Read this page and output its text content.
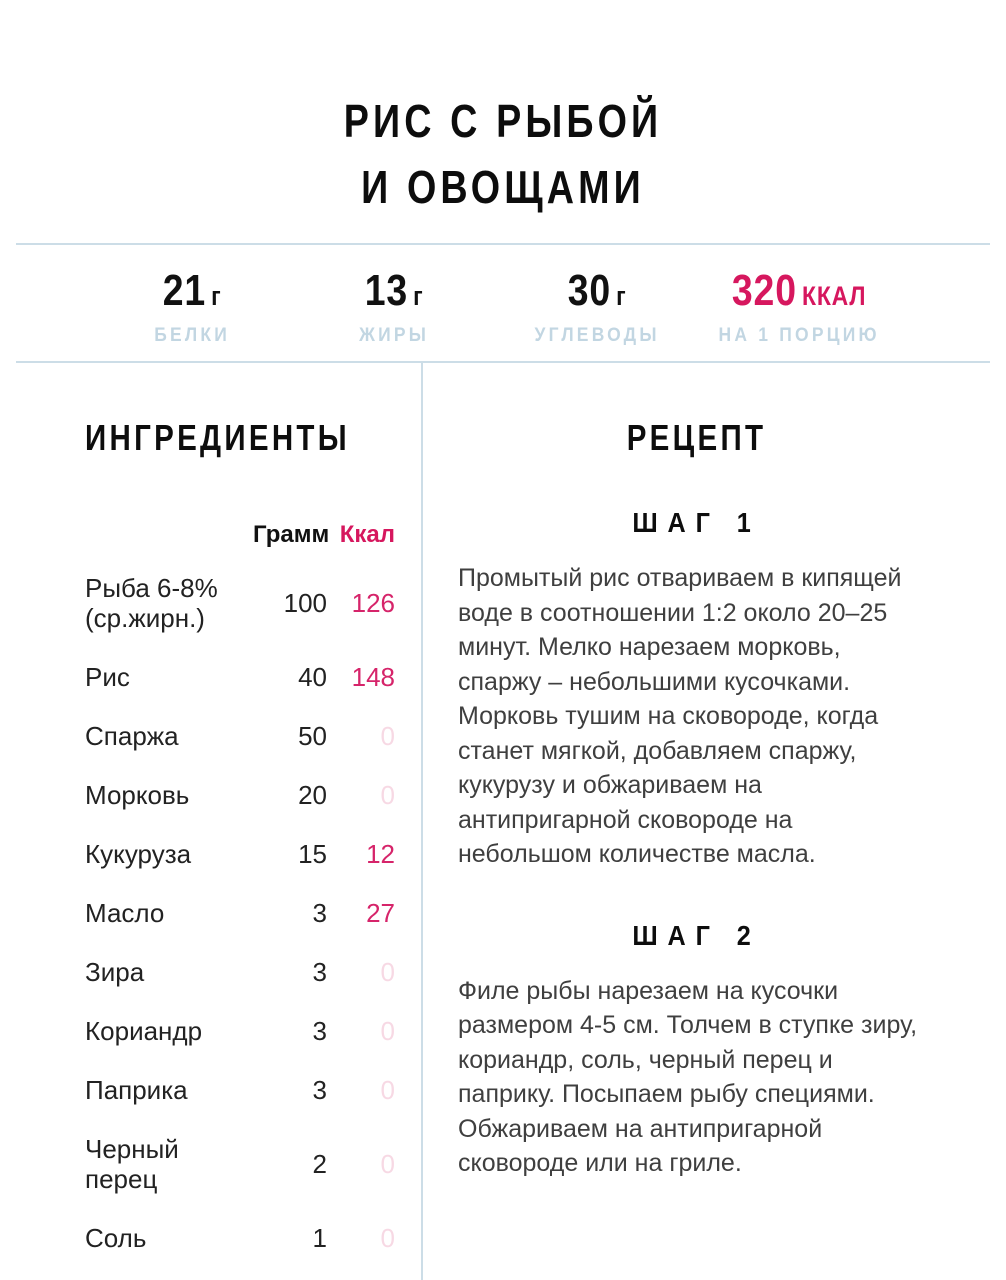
РИС С РЫБОЙ
И ОВОЩАМИ
21 г
БЕЛКИ
13 г
ЖИРЫ
30 г
УГЛЕВОДЫ
320 ККАЛ
НА 1 ПОРЦИЮ
ИНГРЕДИЕНТЫ
Грамм Ккал
Рыба 6-8% (ср.жирн.)	100 126
Рис	40 148
Спаржа	50	0
Морковь	20	0
Кукуруза	15	12
Масло	3	27
Зира	3	0
Кориандр	3	0
Паприка	3	0
Черный перец	2	0
Соль	1	0
РЕЦЕПТ
ШАГ 1

Промытый рис отвариваем в кипящей воде в соотношении 1:2 около 20–25 минут. Мелко нарезаем морковь, спаржу – небольшими кусочками. Морковь тушим на сковороде, когда станет мягкой, добавляем спаржу, кукурузу и обжариваем на антипригарной сковороде на небольшом количестве масла.

ШАГ 2

Филе рыбы нарезаем на кусочки размером 4-5 см. Толчем в ступке зиру, кориандр, соль, черный перец и паприку. Посыпаем рыбу специями. Обжариваем на антипригарной сковороде или на гриле.
